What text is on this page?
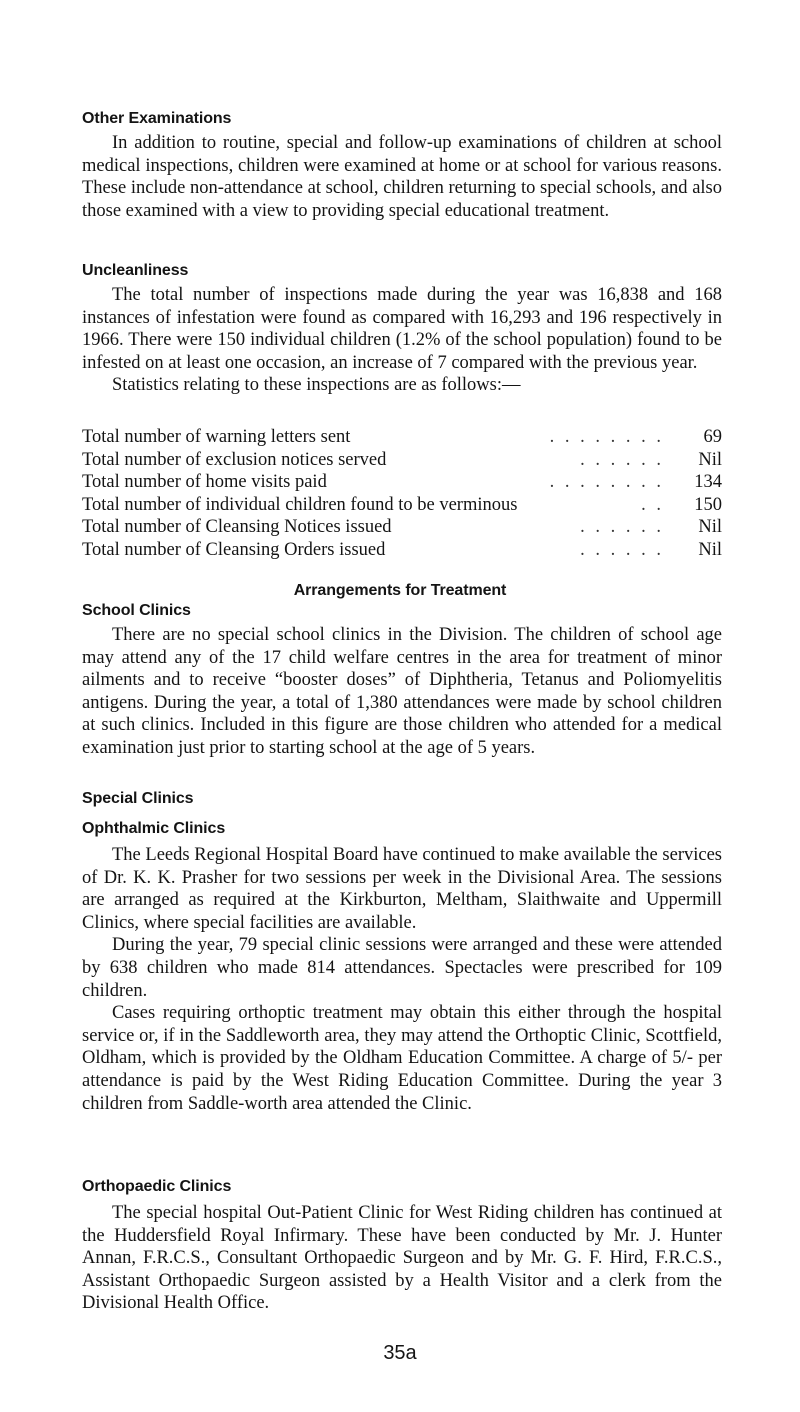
Other Examinations

In addition to routine, special and follow-up examinations of children at school medical inspections, children were examined at home or at school for various reasons. These include non-attendance at school, children returning to special schools, and also those examined with a view to providing special educational treatment.

Uncleanliness

The total number of inspections made during the year was 16,838 and 168 instances of infestation were found as compared with 16,293 and 196 respectively in 1966. There were 150 individual children (1.2% of the school population) found to be infested on at least one occasion, an increase of 7 compared with the previous year.

Statistics relating to these inspections are as follows:—

Total number of warning letters sent	. . . . . . . .	69
Total number of exclusion notices served	. . . . . .	Nil
Total number of home visits paid	. . . . . . . .	134
Total number of individual children found to be verminous	. .	150
Total number of Cleansing Notices issued	. . . . . .	Nil
Total number of Cleansing Orders issued	. . . . . .	Nil
Arrangements for Treatment
School Clinics

There are no special school clinics in the Division. The children of school age may attend any of the 17 child welfare centres in the area for treatment of minor ailments and to receive “booster doses” of Diphtheria, Tetanus and Poliomyelitis antigens. During the year, a total of 1,380 attendances were made by school children at such clinics. Included in this figure are those children who attended for a medical examination just prior to starting school at the age of 5 years.

Special Clinics
Ophthalmic Clinics

The Leeds Regional Hospital Board have continued to make available the services of Dr. K. K. Prasher for two sessions per week in the Divisional Area. The sessions are arranged as required at the Kirkburton, Meltham, Slaithwaite and Uppermill Clinics, where special facilities are available.

During the year, 79 special clinic sessions were arranged and these were attended by 638 children who made 814 attendances. Spectacles were prescribed for 109 children.

Cases requiring orthoptic treatment may obtain this either through the hospital service or, if in the Saddleworth area, they may attend the Orthoptic Clinic, Scottfield, Oldham, which is provided by the Oldham Education Committee. A charge of 5/- per attendance is paid by the West Riding Education Committee. During the year 3 children from Saddle-worth area attended the Clinic.

Orthopaedic Clinics

The special hospital Out-Patient Clinic for West Riding children has continued at the Huddersfield Royal Infirmary. These have been conducted by Mr. J. Hunter Annan, F.R.C.S., Consultant Orthopaedic Surgeon and by Mr. G. F. Hird, F.R.C.S., Assistant Orthopaedic Surgeon assisted by a Health Visitor and a clerk from the Divisional Health Office.

35a
